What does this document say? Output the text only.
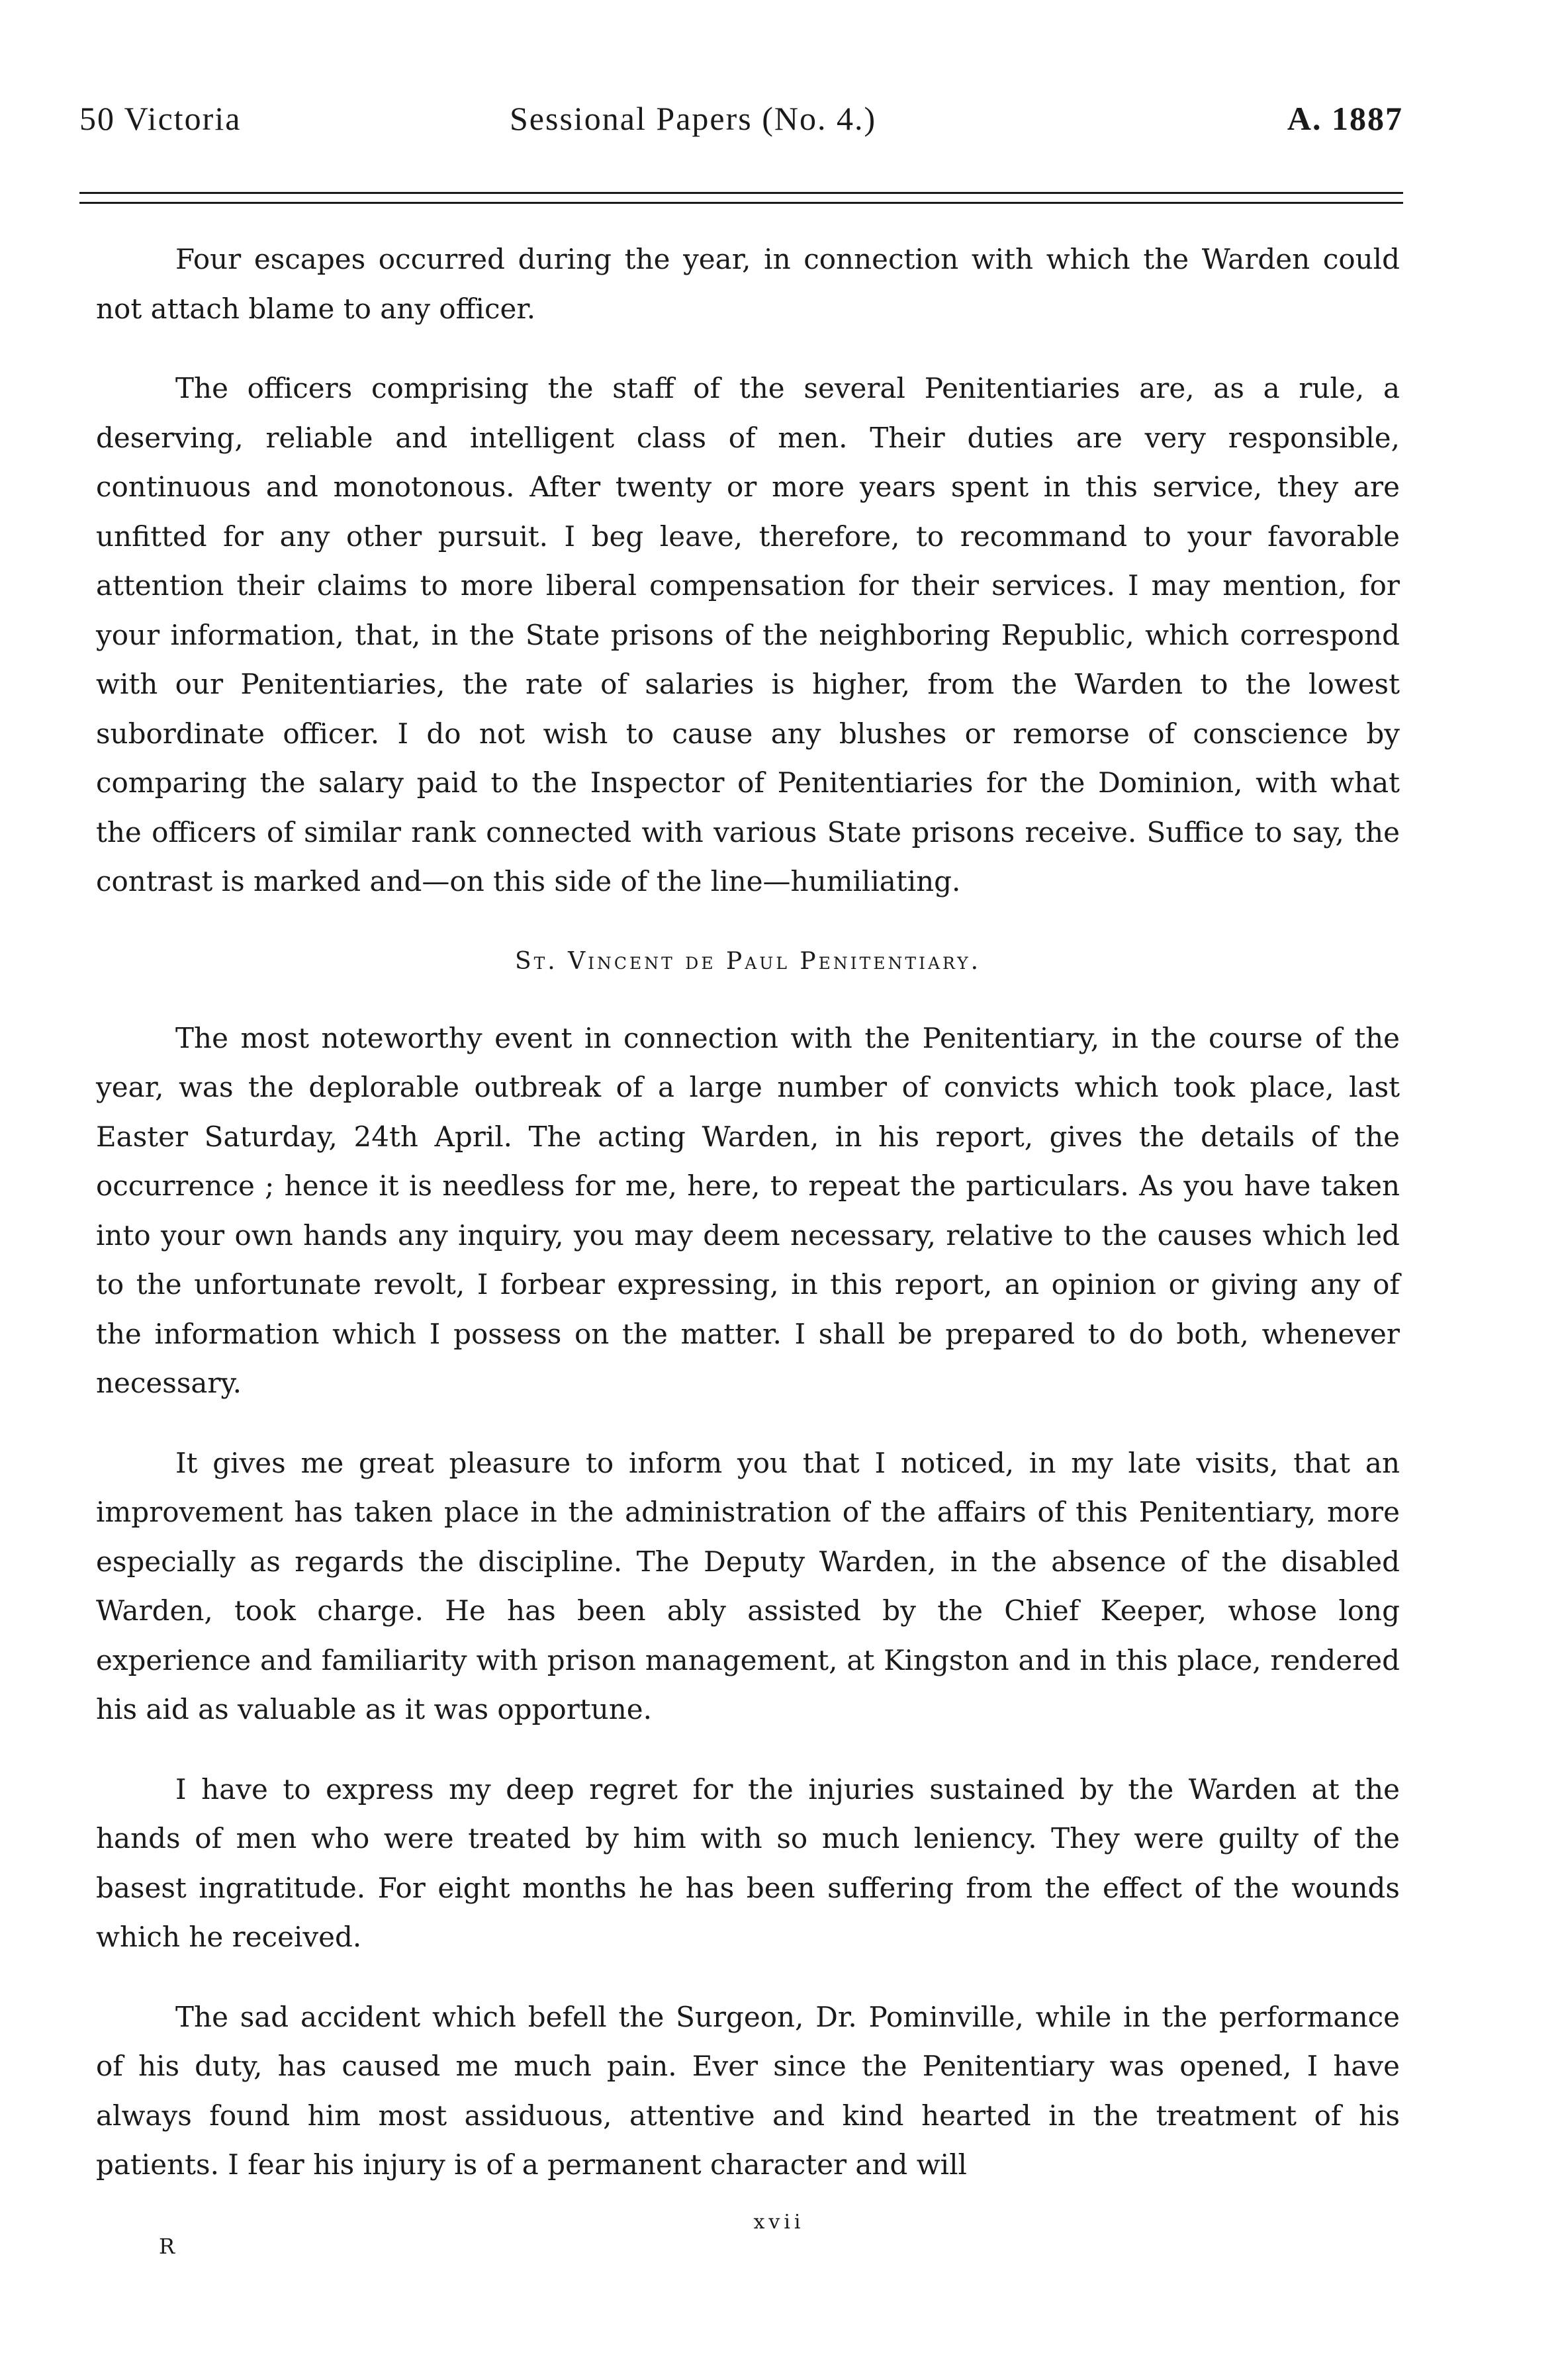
50 Victoria	Sessional Papers (No. 4.)	A. 1887

Four escapes occurred during the year, in connection with which the Warden could not attach blame to any officer.

The officers comprising the staff of the several Penitentiaries are, as a rule, a deserving, reliable and intelligent class of men. Their duties are very responsible, continuous and monotonous. After twenty or more years spent in this service, they are unfitted for any other pursuit. I beg leave, therefore, to recommand to your favorable attention their claims to more liberal compensation for their services. I may mention, for your information, that, in the State prisons of the neighboring Republic, which correspond with our Penitentiaries, the rate of salaries is higher, from the Warden to the lowest subordinate officer. I do not wish to cause any blushes or remorse of conscience by comparing the salary paid to the Inspector of Penitentiaries for the Dominion, with what the officers of similar rank connected with various State prisons receive. Suffice to say, the contrast is marked and—on this side of the line—humiliating.

St. Vincent de Paul Penitentiary.

The most noteworthy event in connection with the Penitentiary, in the course of the year, was the deplorable outbreak of a large number of convicts which took place, last Easter Saturday, 24th April. The acting Warden, in his report, gives the details of the occurrence ; hence it is needless for me, here, to repeat the particulars. As you have taken into your own hands any inquiry, you may deem necessary, relative to the causes which led to the unfortunate revolt, I forbear expressing, in this report, an opinion or giving any of the information which I possess on the matter. I shall be prepared to do both, whenever necessary.

It gives me great pleasure to inform you that I noticed, in my late visits, that an improvement has taken place in the administration of the affairs of this Penitentiary, more especially as regards the discipline. The Deputy Warden, in the absence of the disabled Warden, took charge. He has been ably assisted by the Chief Keeper, whose long experience and familiarity with prison management, at Kingston and in this place, rendered his aid as valuable as it was opportune.

I have to express my deep regret for the injuries sustained by the Warden at the hands of men who were treated by him with so much leniency. They were guilty of the basest ingratitude. For eight months he has been suffering from the effect of the wounds which he received.

The sad accident which befell the Surgeon, Dr. Pominville, while in the performance of his duty, has caused me much pain. Ever since the Penitentiary was opened, I have always found him most assiduous, attentive and kind hearted in the treatment of his patients. I fear his injury is of a permanent character and will

xvii
R
